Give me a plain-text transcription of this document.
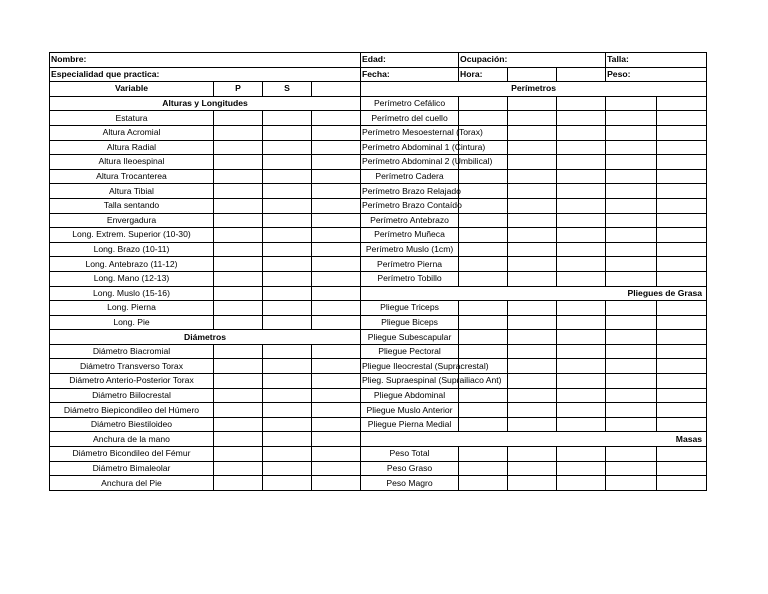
Nombre:				Edad:	Ocupación:			Talla:	
Especialidad que practica:				Fecha:	Hora:			Peso:	
Variable	P	S		Perímetros					
Alturas y Longitudes				Perímetro Cefálico					
Estatura				Perímetro del cuello					
Altura Acromial				Perímetro Mesoesternal (Torax)					
Altura Radial				Perímetro Abdominal 1 (Cintura)					
Altura Ileoespinal				Perímetro Abdominal 2 (Umbilical)					
Altura Trocanterea				Perímetro Cadera					
Altura Tibial				Perímetro Brazo Relajado					
Talla sentando				Perímetro Brazo Contaído					
Envergadura				Perímetro Antebrazo					
Long. Extrem. Superior (10-30)				Perímetro Muñeca					
Long. Brazo (10-11)				Perímetro Muslo (1cm)					
Long. Antebrazo (11-12)				Perímetro Pierna					
Long. Mano (12-13)				Perímetro Tobillo					
Long. Muslo (15-16)				Pliegues de Grasa					
Long. Pierna				Pliegue Triceps					
Long. Pie				Pliegue Biceps					
Diámetros				Pliegue Subescapular					
Diámetro Biacromial				Pliegue Pectoral					
Diámetro Transverso Torax				Pliegue Ileocrestal (Supracrestal)					
Diámetro Anterio-Posterior Torax				Plieg. Supraespinal (Suprailiaco Ant)					
Diámetro Biilocrestal				Pliegue Abdominal					
Diámetro Biepicondileo del Húmero				Pliegue Muslo Anterior					
Diámetro Biestiloideo				Pliegue Pierna Medial					
Anchura de la mano				Masas					
Diámetro Bicondileo del Fémur				Peso Total					
Diámetro Bimaleolar				Peso Graso					
Anchura del Pie				Peso Magro					
